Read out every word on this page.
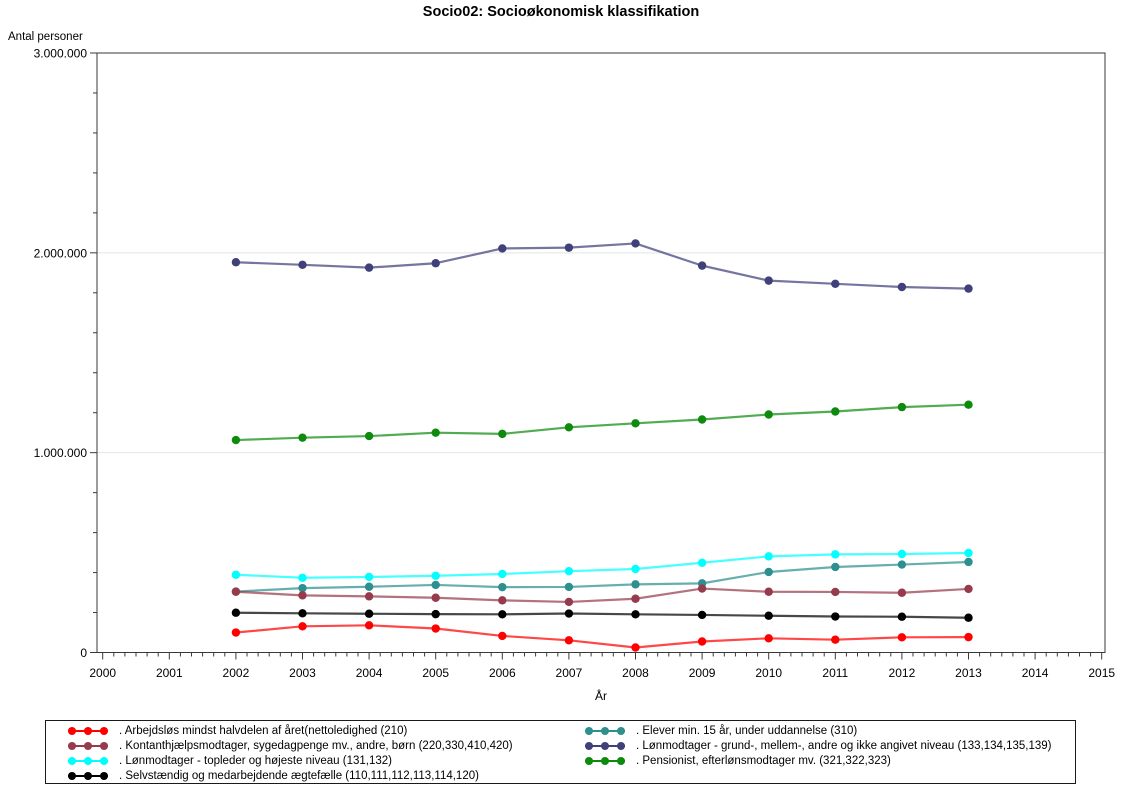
Socio02: Socioøkonomisk klassifikation
Antal personer
0
1.000.000
2.000.000
3.000.000
2000	2001	2002	2003	2004	2005	2006	2007	2008	2009	2010	2011	2012	2013	2014	2015
År
. Arbejdsløs mindst halvdelen af året(nettoledighed (210)
. Kontanthjælpsmodtager, sygedagpenge mv., andre, børn (220,330,410,420)
. Lønmodtager - topleder og højeste niveau (131,132)
. Selvstændig og medarbejdende ægtefælle (110,111,112,113,114,120)
. Elever min. 15 år, under uddannelse (310)
. Lønmodtager - grund-, mellem-, andre og ikke angivet niveau (133,134,135,139)
. Pensionist, efterlønsmodtager mv. (321,322,323)
